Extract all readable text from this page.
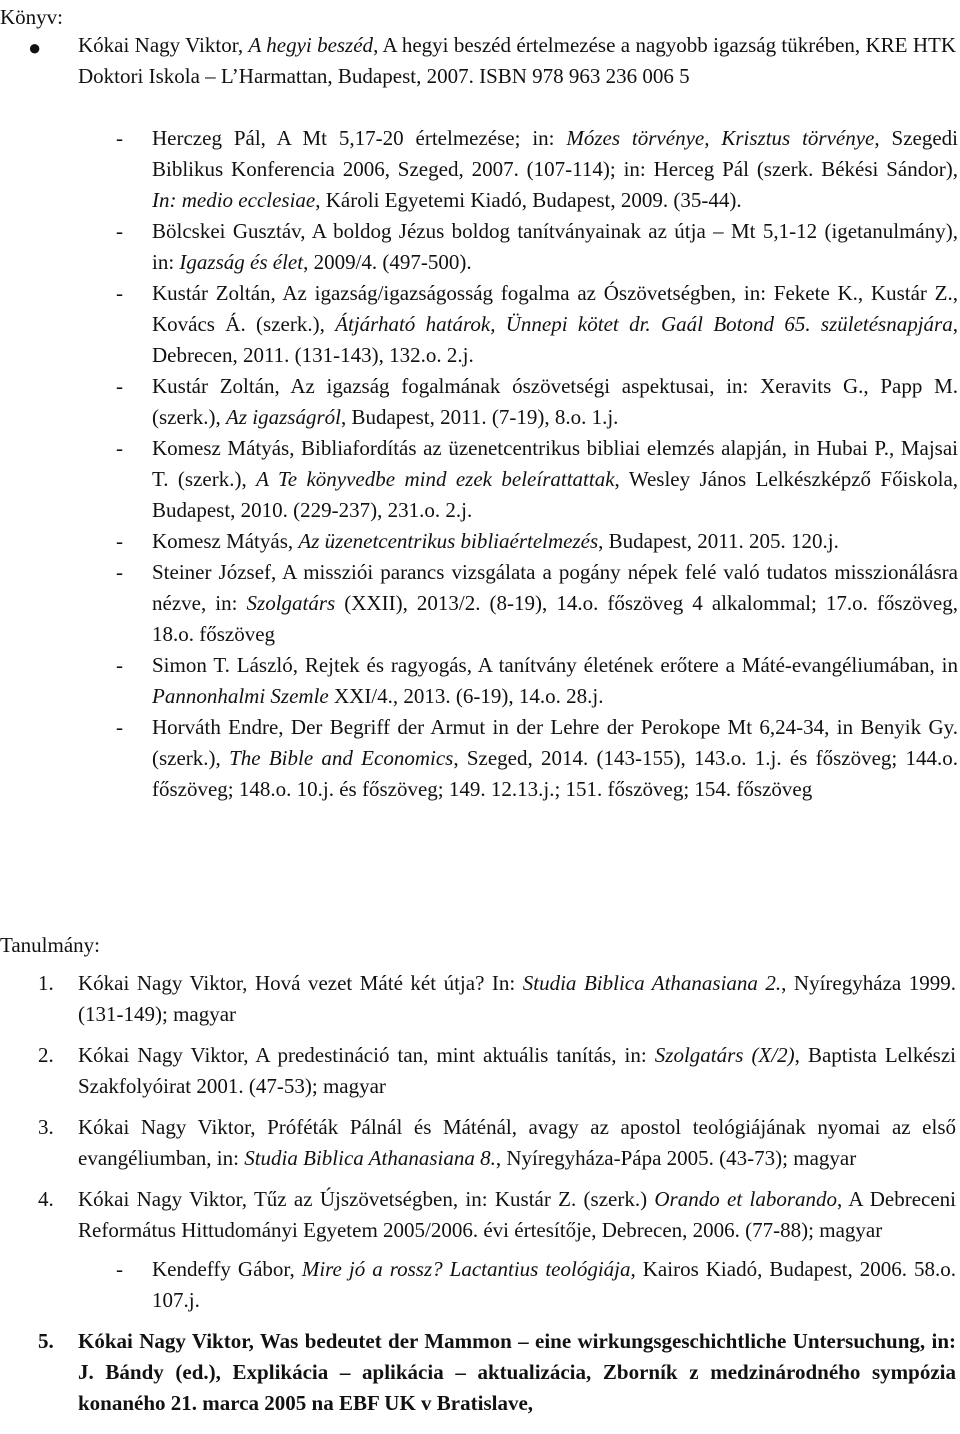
Könyv:
● Kókai Nagy Viktor, A hegyi beszéd, A hegyi beszéd értelmezése a nagyobb igazság tükrében, KRE HTK Doktori Iskola – L’Harmattan, Budapest, 2007. ISBN 978 963 236 006 5
- Herczeg Pál, A Mt 5,17-20 értelmezése; in: Mózes törvénye, Krisztus törvénye, Szegedi Biblikus Konferencia 2006, Szeged, 2007. (107-114); in: Herceg Pál (szerk. Békési Sándor), In: medio ecclesiae, Károli Egyetemi Kiadó, Budapest, 2009. (35-44).
- Bölcskei Gusztáv, A boldog Jézus boldog tanítványainak az útja – Mt 5,1-12 (igetanulmány), in: Igazság és élet, 2009/4. (497-500).
- Kustár Zoltán, Az igazság/igazságosság fogalma az Ószövetségben, in: Fekete K., Kustár Z., Kovács Á. (szerk.), Átjárható határok, Ünnepi kötet dr. Gaál Botond 65. születésnapjára, Debrecen, 2011. (131-143), 132.o. 2.j.
- Kustár Zoltán, Az igazság fogalmának ószövetségi aspektusai, in: Xeravits G., Papp M. (szerk.), Az igazságról, Budapest, 2011. (7-19), 8.o. 1.j.
- Komesz Mátyás, Bibliafordítás az üzenetcentrikus bibliai elemzés alapján, in Hubai P., Majsai T. (szerk.), A Te könyvedbe mind ezek beleírattattak, Wesley János Lelkészképző Főiskola, Budapest, 2010. (229-237), 231.o. 2.j.
- Komesz Mátyás, Az üzenetcentrikus bibliaértelmezés, Budapest, 2011. 205. 120.j.
- Steiner József, A missziói parancs vizsgálata a pogány népek felé való tudatos misszionálásra nézve, in: Szolgatárs (XXII), 2013/2. (8-19), 14.o. főszöveg 4 alkalommal; 17.o. főszöveg, 18.o. főszöveg
- Simon T. László, Rejtek és ragyogás, A tanítvány életének erőtere a Máté-evangéliumában, in Pannonhalmi Szemle XXI/4., 2013. (6-19), 14.o. 28.j.
- Horváth Endre, Der Begriff der Armut in der Lehre der Perokope Mt 6,24-34, in Benyik Gy. (szerk.), The Bible and Economics, Szeged, 2014. (143-155), 143.o. 1.j. és főszöveg; 144.o. főszöveg; 148.o. 10.j. és főszöveg; 149. 12.13.j.; 151. főszöveg; 154. főszöveg
Tanulmány:
1. Kókai Nagy Viktor, Hová vezet Máté két útja? In: Studia Biblica Athanasiana 2., Nyíregyháza 1999. (131-149); magyar
2. Kókai Nagy Viktor, A predestináció tan, mint aktuális tanítás, in: Szolgatárs (X/2), Baptista Lelkészi Szakfolyóirat 2001. (47-53); magyar
3. Kókai Nagy Viktor, Próféták Pálnál és Máténál, avagy az apostol teológiájának nyomai az első evangéliumban, in: Studia Biblica Athanasiana 8., Nyíregyháza-Pápa 2005. (43-73); magyar
4. Kókai Nagy Viktor, Tűz az Újszövetségben, in: Kustár Z. (szerk.) Orando et laborando, A Debreceni Református Hittudományi Egyetem 2005/2006. évi értesítője, Debrecen, 2006. (77-88); magyar
- Kendeffy Gábor, Mire jó a rossz? Lactantius teológiája, Kairos Kiadó, Budapest, 2006. 58.o. 107.j.
5. Kókai Nagy Viktor, Was bedeutet der Mammon – eine wirkungsgeschichtliche Untersuchung, in: J. Bándy (ed.), Explikácia – aplikácia – aktualizácia, Zborník z medzinárodného sympózia konaného 21. marca 2005 na EBF UK v Bratislave,
